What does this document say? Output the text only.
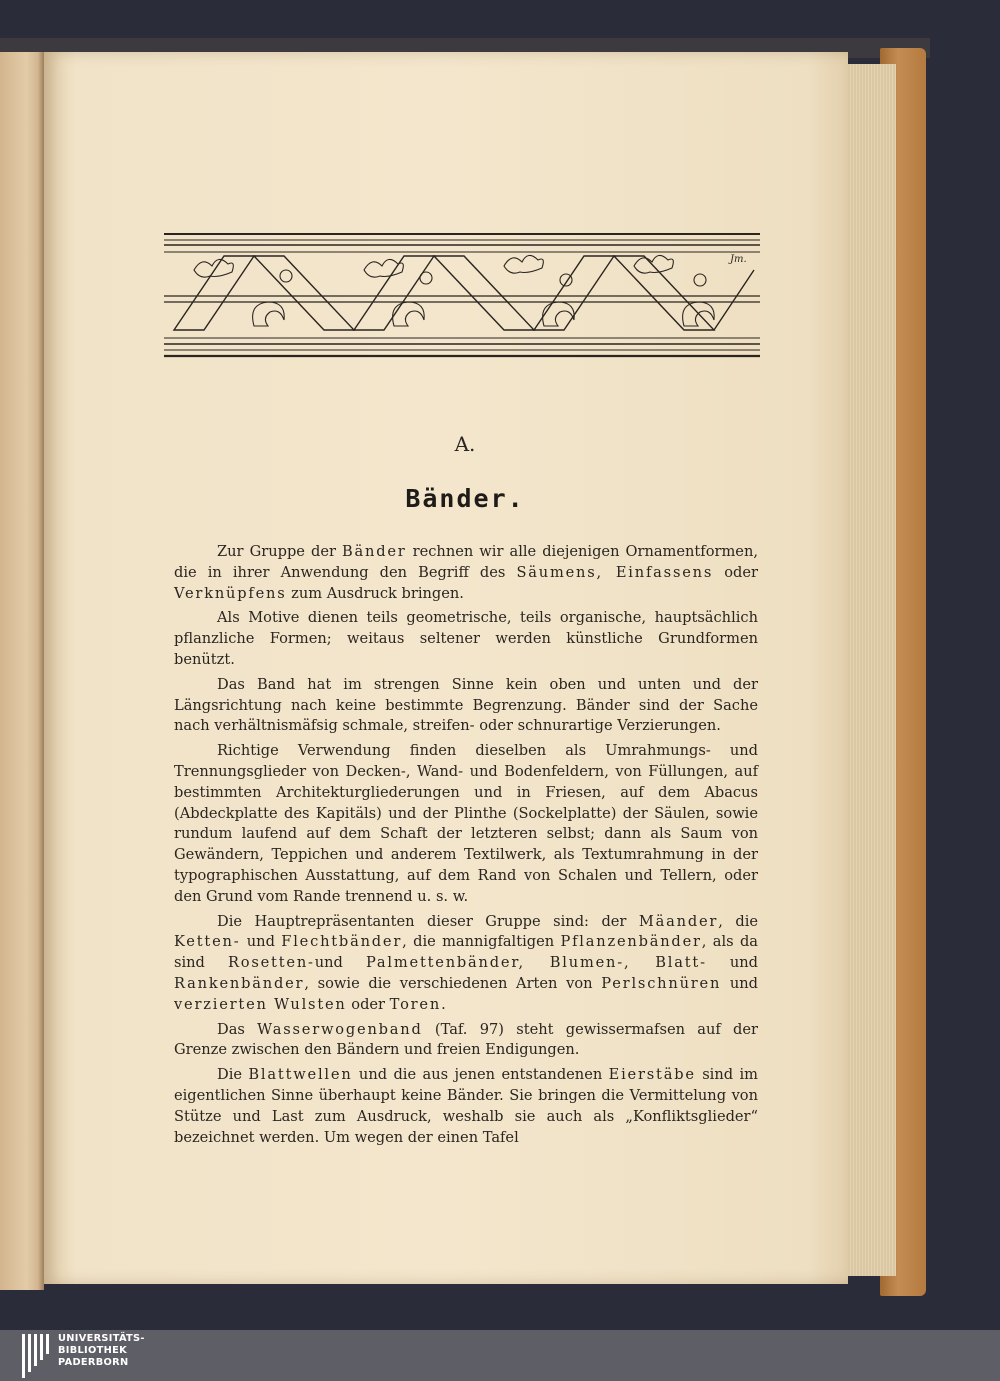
Jm.
A.
Bänder.

Zur Gruppe der Bänder rechnen wir alle diejenigen Ornamentformen, die in ihrer Anwendung den Begriff des Säumens, Einfassens oder Verknüpfens zum Ausdruck bringen.

Als Motive dienen teils geometrische, teils organische, hauptsächlich pflanzliche Formen; weitaus seltener werden künstliche Grundformen benützt.

Das Band hat im strengen Sinne kein oben und unten und der Längsrichtung nach keine bestimmte Begrenzung. Bänder sind der Sache nach verhältnismäfsig schmale, streifen- oder schnurartige Verzierungen.

Richtige Verwendung finden dieselben als Umrahmungs- und Trennungsglieder von Decken-, Wand- und Bodenfeldern, von Füllungen, auf bestimmten Architekturgliederungen und in Friesen, auf dem Abacus (Abdeckplatte des Kapitäls) und der Plinthe (Sockelplatte) der Säulen, sowie rundum laufend auf dem Schaft der letzteren selbst; dann als Saum von Gewändern, Teppichen und anderem Textilwerk, als Textumrahmung in der typographischen Ausstattung, auf dem Rand von Schalen und Tellern, oder den Grund vom Rande trennend u. s. w.

Die Hauptrepräsentanten dieser Gruppe sind: der Mäander, die Ketten- und Flechtbänder, die mannigfaltigen Pflanzenbänder, als da sind Rosetten-und Palmettenbänder, Blumen-, Blatt- und Rankenbänder, sowie die verschiedenen Arten von Perlschnüren und verzierten Wulsten oder Toren.

Das Wasserwogenband (Taf. 97) steht gewissermafsen auf der Grenze zwischen den Bändern und freien Endigungen.

Die Blattwellen und die aus jenen entstandenen Eierstäbe sind im eigentlichen Sinne überhaupt keine Bänder. Sie bringen die Vermittelung von Stütze und Last zum Ausdruck, weshalb sie auch als „Konfliktsglieder“ bezeichnet werden. Um wegen der einen Tafel

UNIVERSITÄTS-
BIBLIOTHEK
PADERBORN
